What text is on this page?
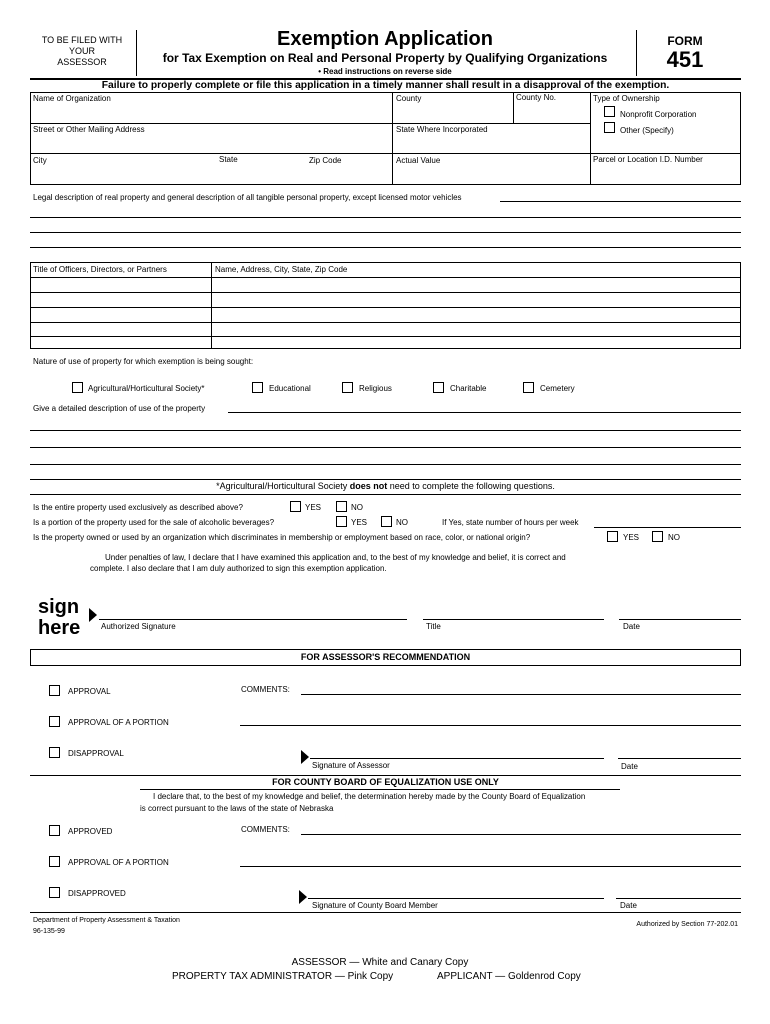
TO BE FILED WITH
YOUR
ASSESSOR
Exemption Application
for Tax Exemption on Real and Personal Property by Qualifying Organizations
• Read instructions on reverse side
FORM
451
Failure to properly complete or file this application in a timely manner shall result in a disapproval of the exemption.
Name of Organization	County	County No.	Type of Ownership
Nonprofit Corporation
Other (Specify)
Street or Other Mailing Address	State Where Incorporated
City	State	Zip Code	Actual Value	Parcel or Location I.D. Number
Legal description of real property and general description of all tangible personal property, except licensed motor vehicles
Title of Officers, Directors, or Partners	Name, Address, City, State, Zip Code
Nature of use of property for which exemption is being sought:
Agricultural/Horticultural Society*	Educational	Religious	Charitable	Cemetery
Give a detailed description of use of the property
*Agricultural/Horticultural Society does not need to complete the following questions.
Is the entire property used exclusively as described above?	YES	NO
Is a portion of the property used for the sale of alcoholic beverages?	YES	NO	If Yes, state number of hours per week
Is the property owned or used by an organization which discriminates in membership or employment based on race, color, or national origin?	YES	NO
Under penalties of law, I declare that I have examined this application and, to the best of my knowledge and belief, it is correct and
complete. I also declare that I am duly authorized to sign this exemption application.
sign
here	Authorized Signature	Title	Date
FOR ASSESSOR'S RECOMMENDATION
APPROVAL	COMMENTS:
APPROVAL OF A PORTION
DISAPPROVAL
Signature of Assessor	Date
FOR COUNTY BOARD OF EQUALIZATION USE ONLY
I declare that, to the best of my knowledge and belief, the determination hereby made by the County Board of Equalization
is correct pursuant to the laws of the state of Nebraska
APPROVED	COMMENTS:
APPROVAL OF A PORTION
DISAPPROVED
Signature of County Board Member	Date
Department of Property Assessment & Taxation
96-135-99
Authorized by Section 77-202.01
ASSESSOR — White and Canary Copy
PROPERTY TAX ADMINISTRATOR — Pink Copy	APPLICANT — Goldenrod Copy
